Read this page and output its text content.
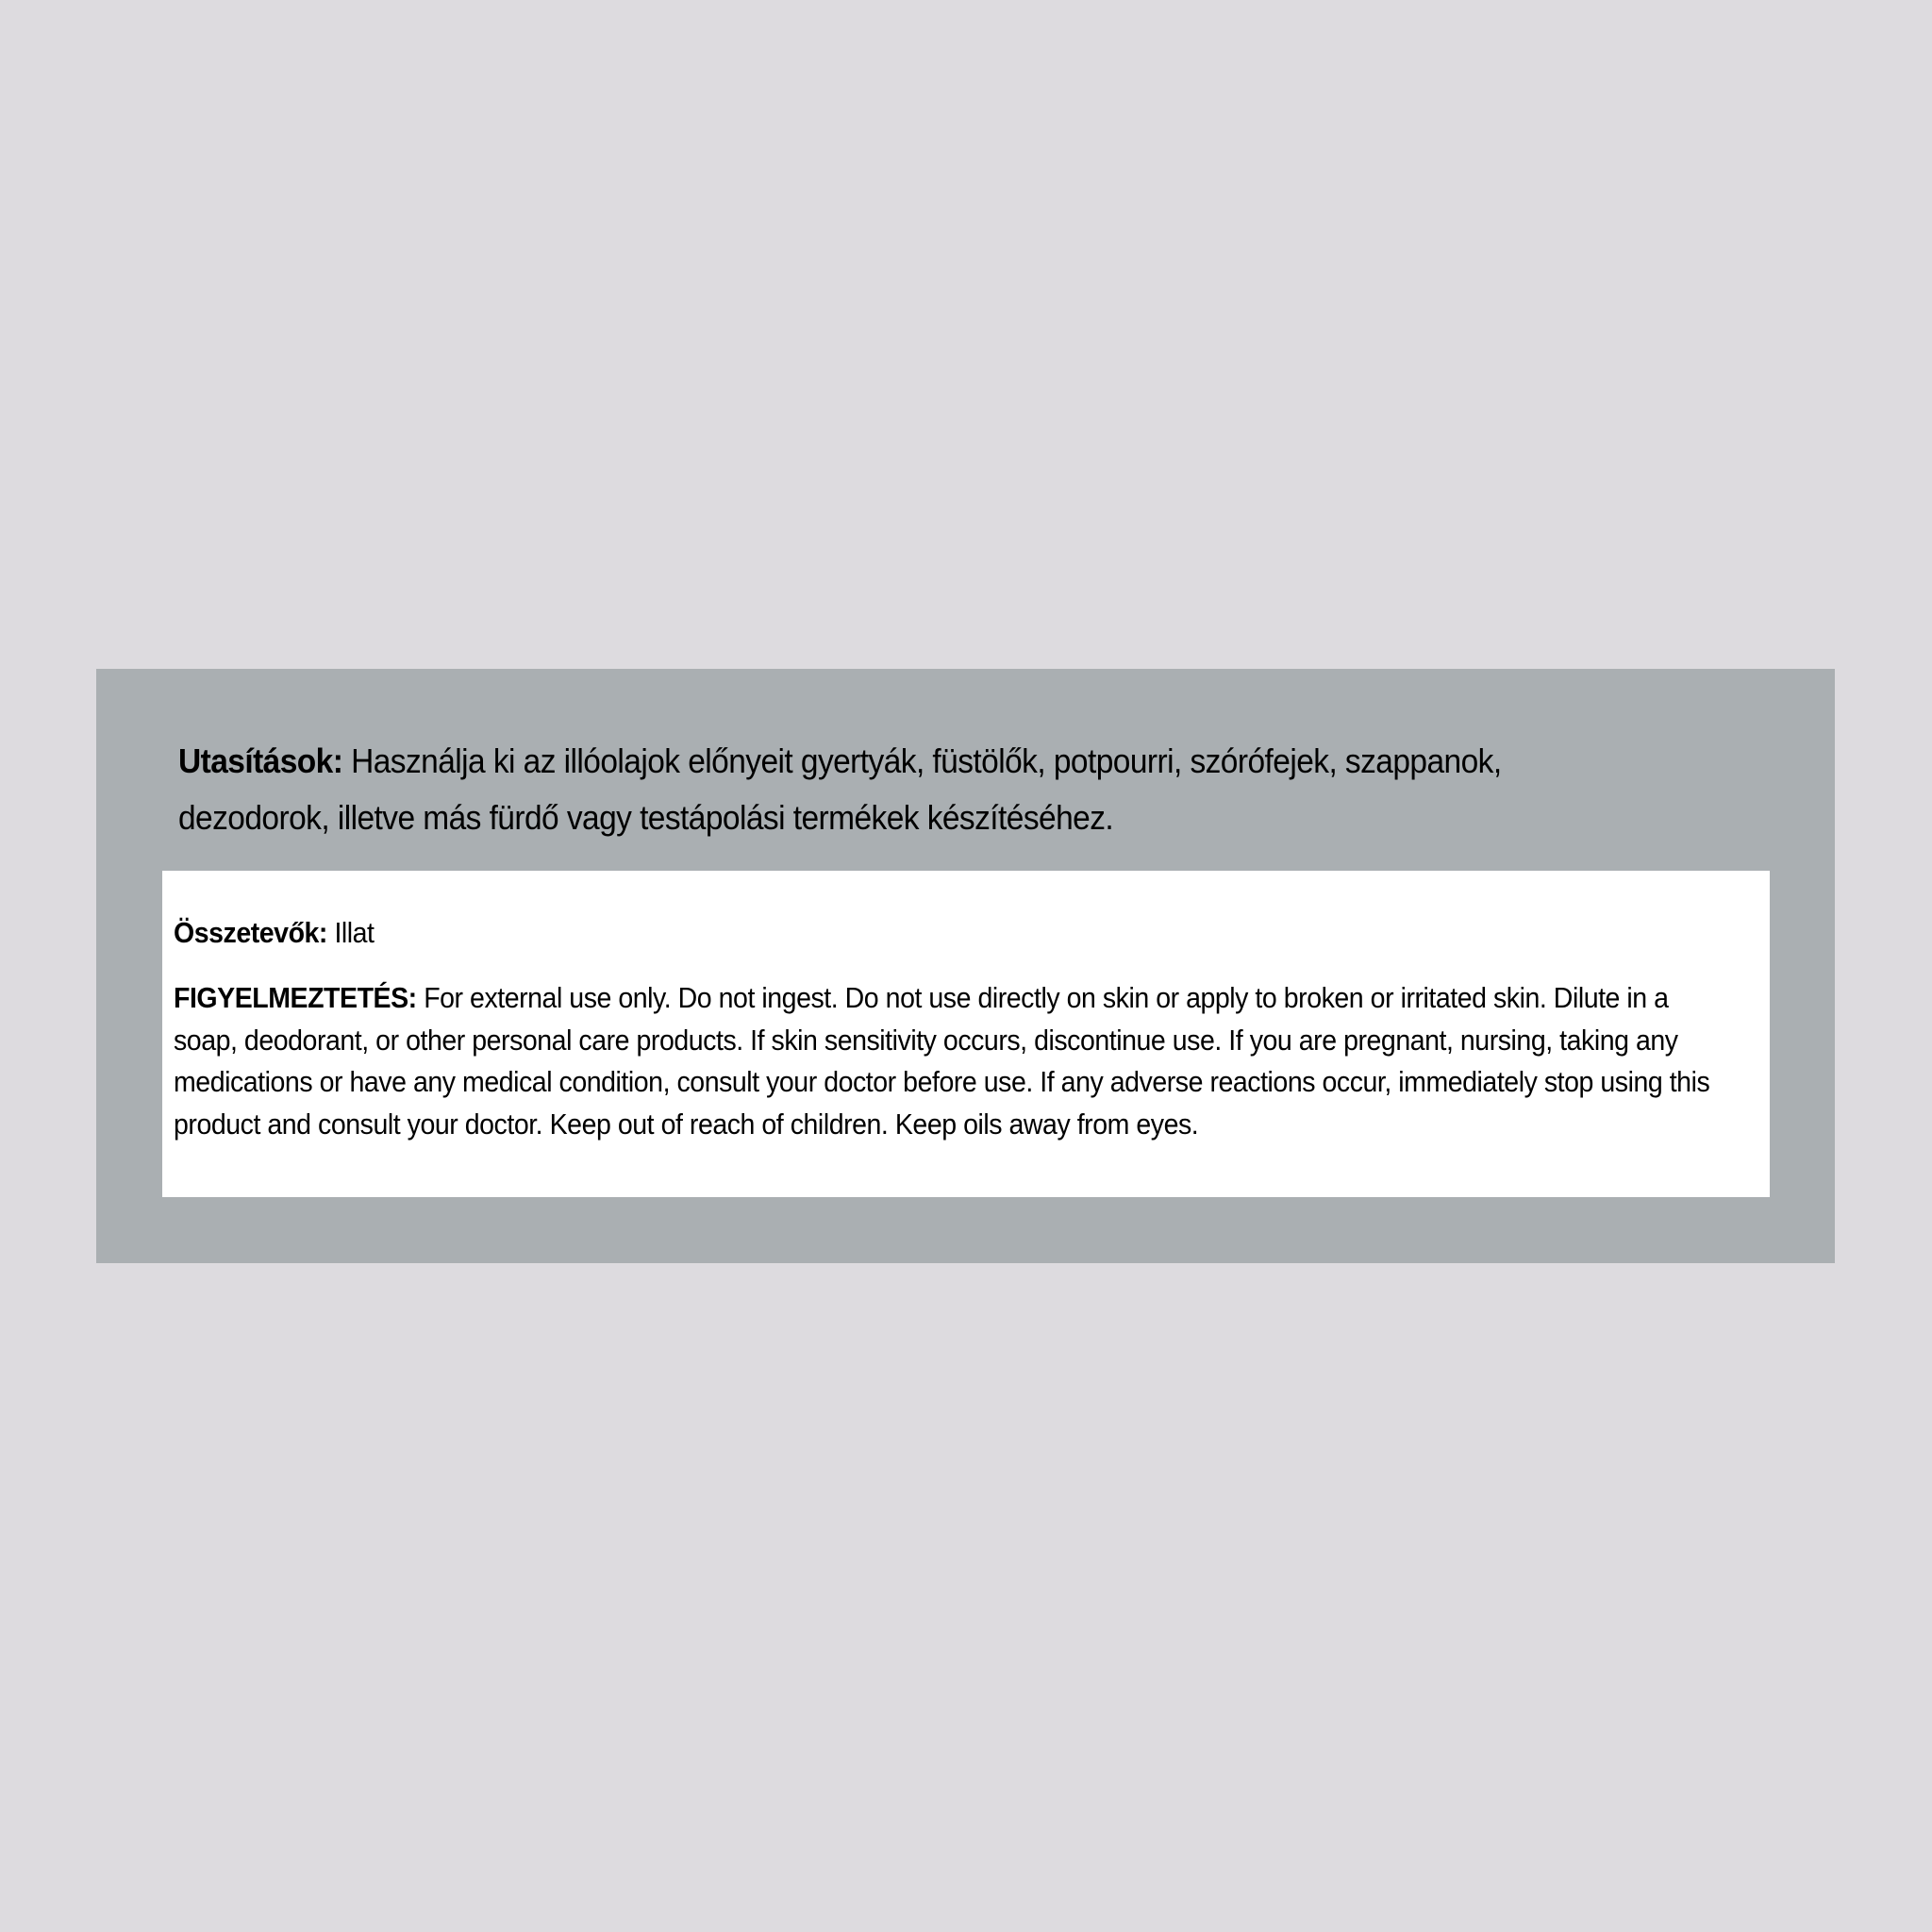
Utasítások: Használja ki az illóolajok előnyeit gyertyák, füstölők, potpourri, szórófejek, szappanok, dezodorok, illetve más fürdő vagy testápolási termékek készítéséhez.

Összetevők: Illat

FIGYELMEZTETÉS: For external use only. Do not ingest. Do not use directly on skin or apply to broken or irritated skin. Dilute in a soap, deodorant, or other personal care products. If skin sensitivity occurs, discontinue use. If you are pregnant, nursing, taking any medications or have any medical condition, consult your doctor before use. If any adverse reactions occur, immediately stop using this product and consult your doctor. Keep out of reach of children. Keep oils away from eyes.
